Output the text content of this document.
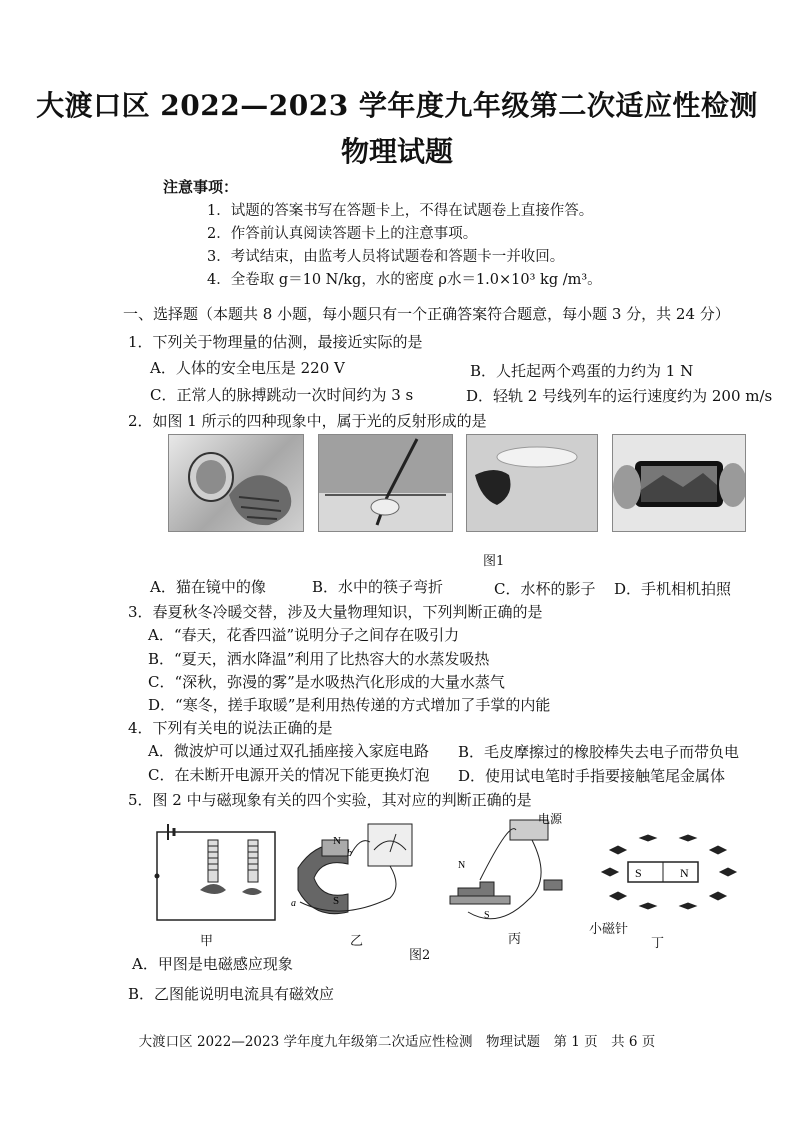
大渡口区 2022—2023 学年度九年级第二次适应性检测
物理试题
注意事项：
1．试题的答案书写在答题卡上，不得在试题卷上直接作答。
2．作答前认真阅读答题卡上的注意事项。
3．考试结束，由监考人员将试题卷和答题卡一并收回。
4．全卷取 g＝10 N/kg，水的密度 ρ水＝1.0×10³ kg /m³。
一、选择题（本题共 8 小题，每小题只有一个正确答案符合题意，每小题 3 分，共 24 分）
1．下列关于物理量的估测，最接近实际的是
A．人体的安全电压是 220 V	B．人托起两个鸡蛋的力约为 1 N
C．正常人的脉搏跳动一次时间约为 3 s	D．轻轨 2 号线列车的运行速度约为 200 m/s
2．如图 1 所示的四种现象中，属于光的反射形成的是
图1
A．猫在镜中的像	B．水中的筷子弯折	C．水杯的影子 D．手机相机拍照
3．春夏秋冬冷暖交替，涉及大量物理知识，下列判断正确的是
A．“春天，花香四溢”说明分子之间存在吸引力
B．“夏天，洒水降温”利用了比热容大的水蒸发吸热
C．“深秋，弥漫的雾”是水吸热汽化形成的大量水蒸气
D．“寒冬，搓手取暖”是利用热传递的方式增加了手掌的内能
4．下列有关电的说法正确的是
A．微波炉可以通过双孔插座接入家庭电路 B．毛皮摩擦过的橡胶棒失去电子而带负电
C．在未断开电源开关的情况下能更换灯泡 D．使用试电笔时手指要接触笔尾金属体
5．图 2 中与磁现象有关的四个实验，其对应的判断正确的是
N
S
a
b
电源
N
S
S	N
甲	乙
图2
丙
小磁针
丁
A．甲图是电磁感应现象
B．乙图能说明电流具有磁效应
大渡口区 2022—2023 学年度九年级第二次适应性检测　物理试题　第 1 页　共 6 页
